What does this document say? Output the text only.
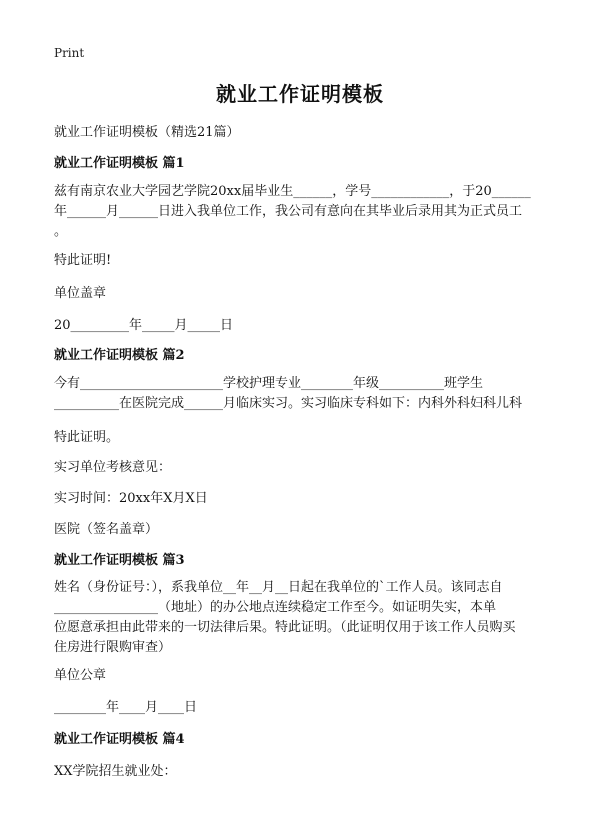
Print
就业工作证明模板
就业工作证明模板（精选21篇）
就业工作证明模板 篇1
兹有南京农业大学园艺学院20xx届毕业生______，学号____________，于20______
年______月______日进入我单位工作，我公司有意向在其毕业后录用其为正式员工
。
特此证明!
单位盖章
20_________年_____月_____日
就业工作证明模板 篇2
今有______________________学校护理专业________年级__________班学生
__________在医院完成______月临床实习。实习临床专科如下：内科外科妇科儿科
特此证明。
实习单位考核意见：
实习时间：20xx年X月X日
医院（签名盖章）
就业工作证明模板 篇3
姓名（身份证号：），系我单位__年__月__日起在我单位的`工作人员。该同志自
________________（地址）的办公地点连续稳定工作至今。如证明失实，本单
位愿意承担由此带来的一切法律后果。特此证明。（此证明仅用于该工作人员购买
住房进行限购审查）
单位公章
________年____月____日
就业工作证明模板 篇4
XX学院招生就业处：
